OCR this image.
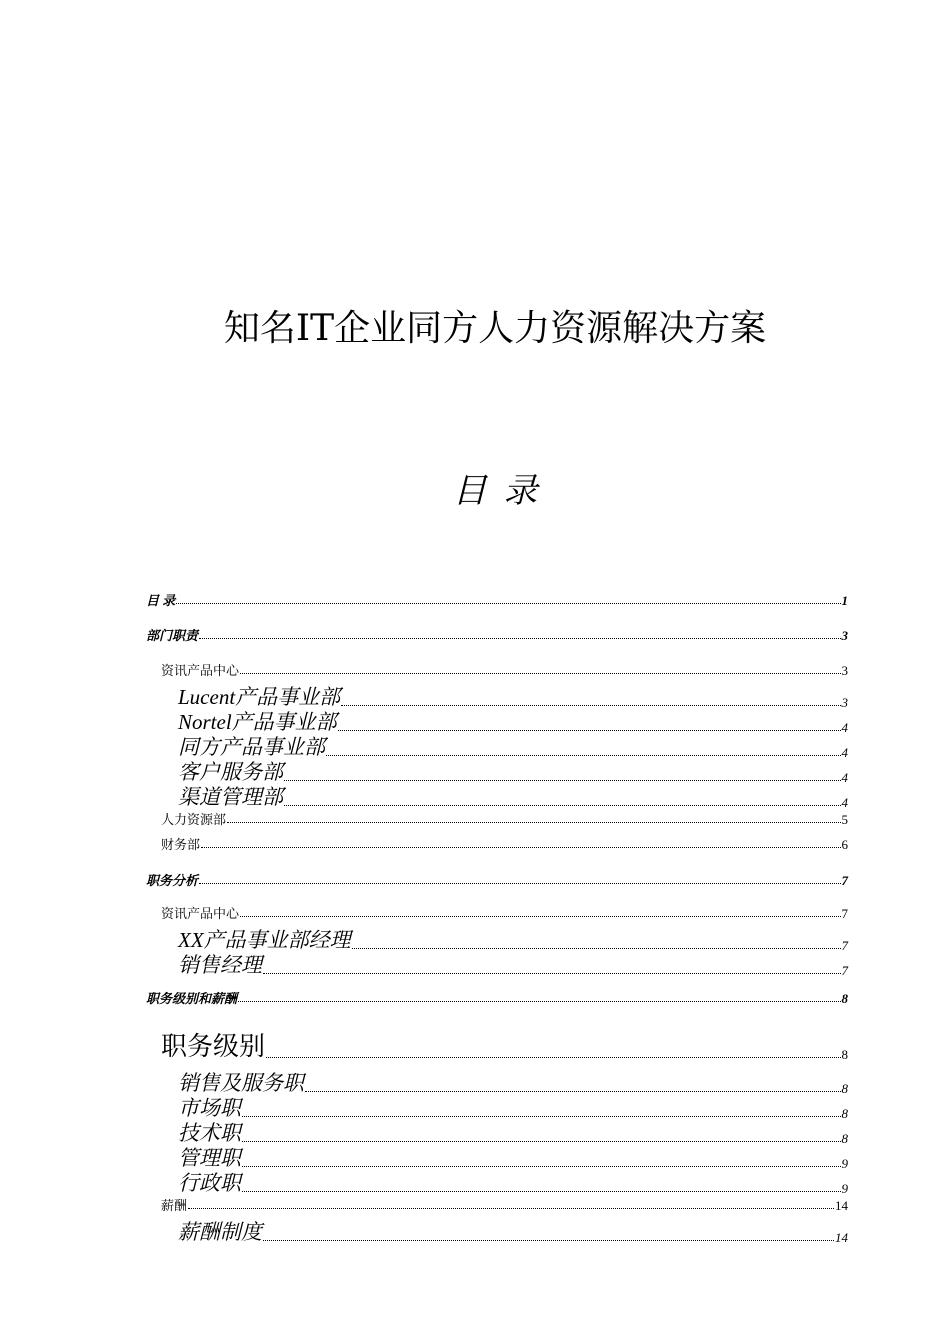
知名IT企业同方人力资源解决方案
目 录
目 录	1
部门职责	3
资讯产品中心	3
Lucent产品事业部	3
Nortel产品事业部	4
同方产品事业部	4
客户服务部	4
渠道管理部	4
人力资源部	5
财务部	6
职务分析	7
资讯产品中心	7
XX产品事业部经理	7
销售经理	7
职务级别和薪酬	8
职务级别	8
销售及服务职	8
市场职	8
技术职	8
管理职	9
行政职	9
薪酬	14
薪酬制度	14
